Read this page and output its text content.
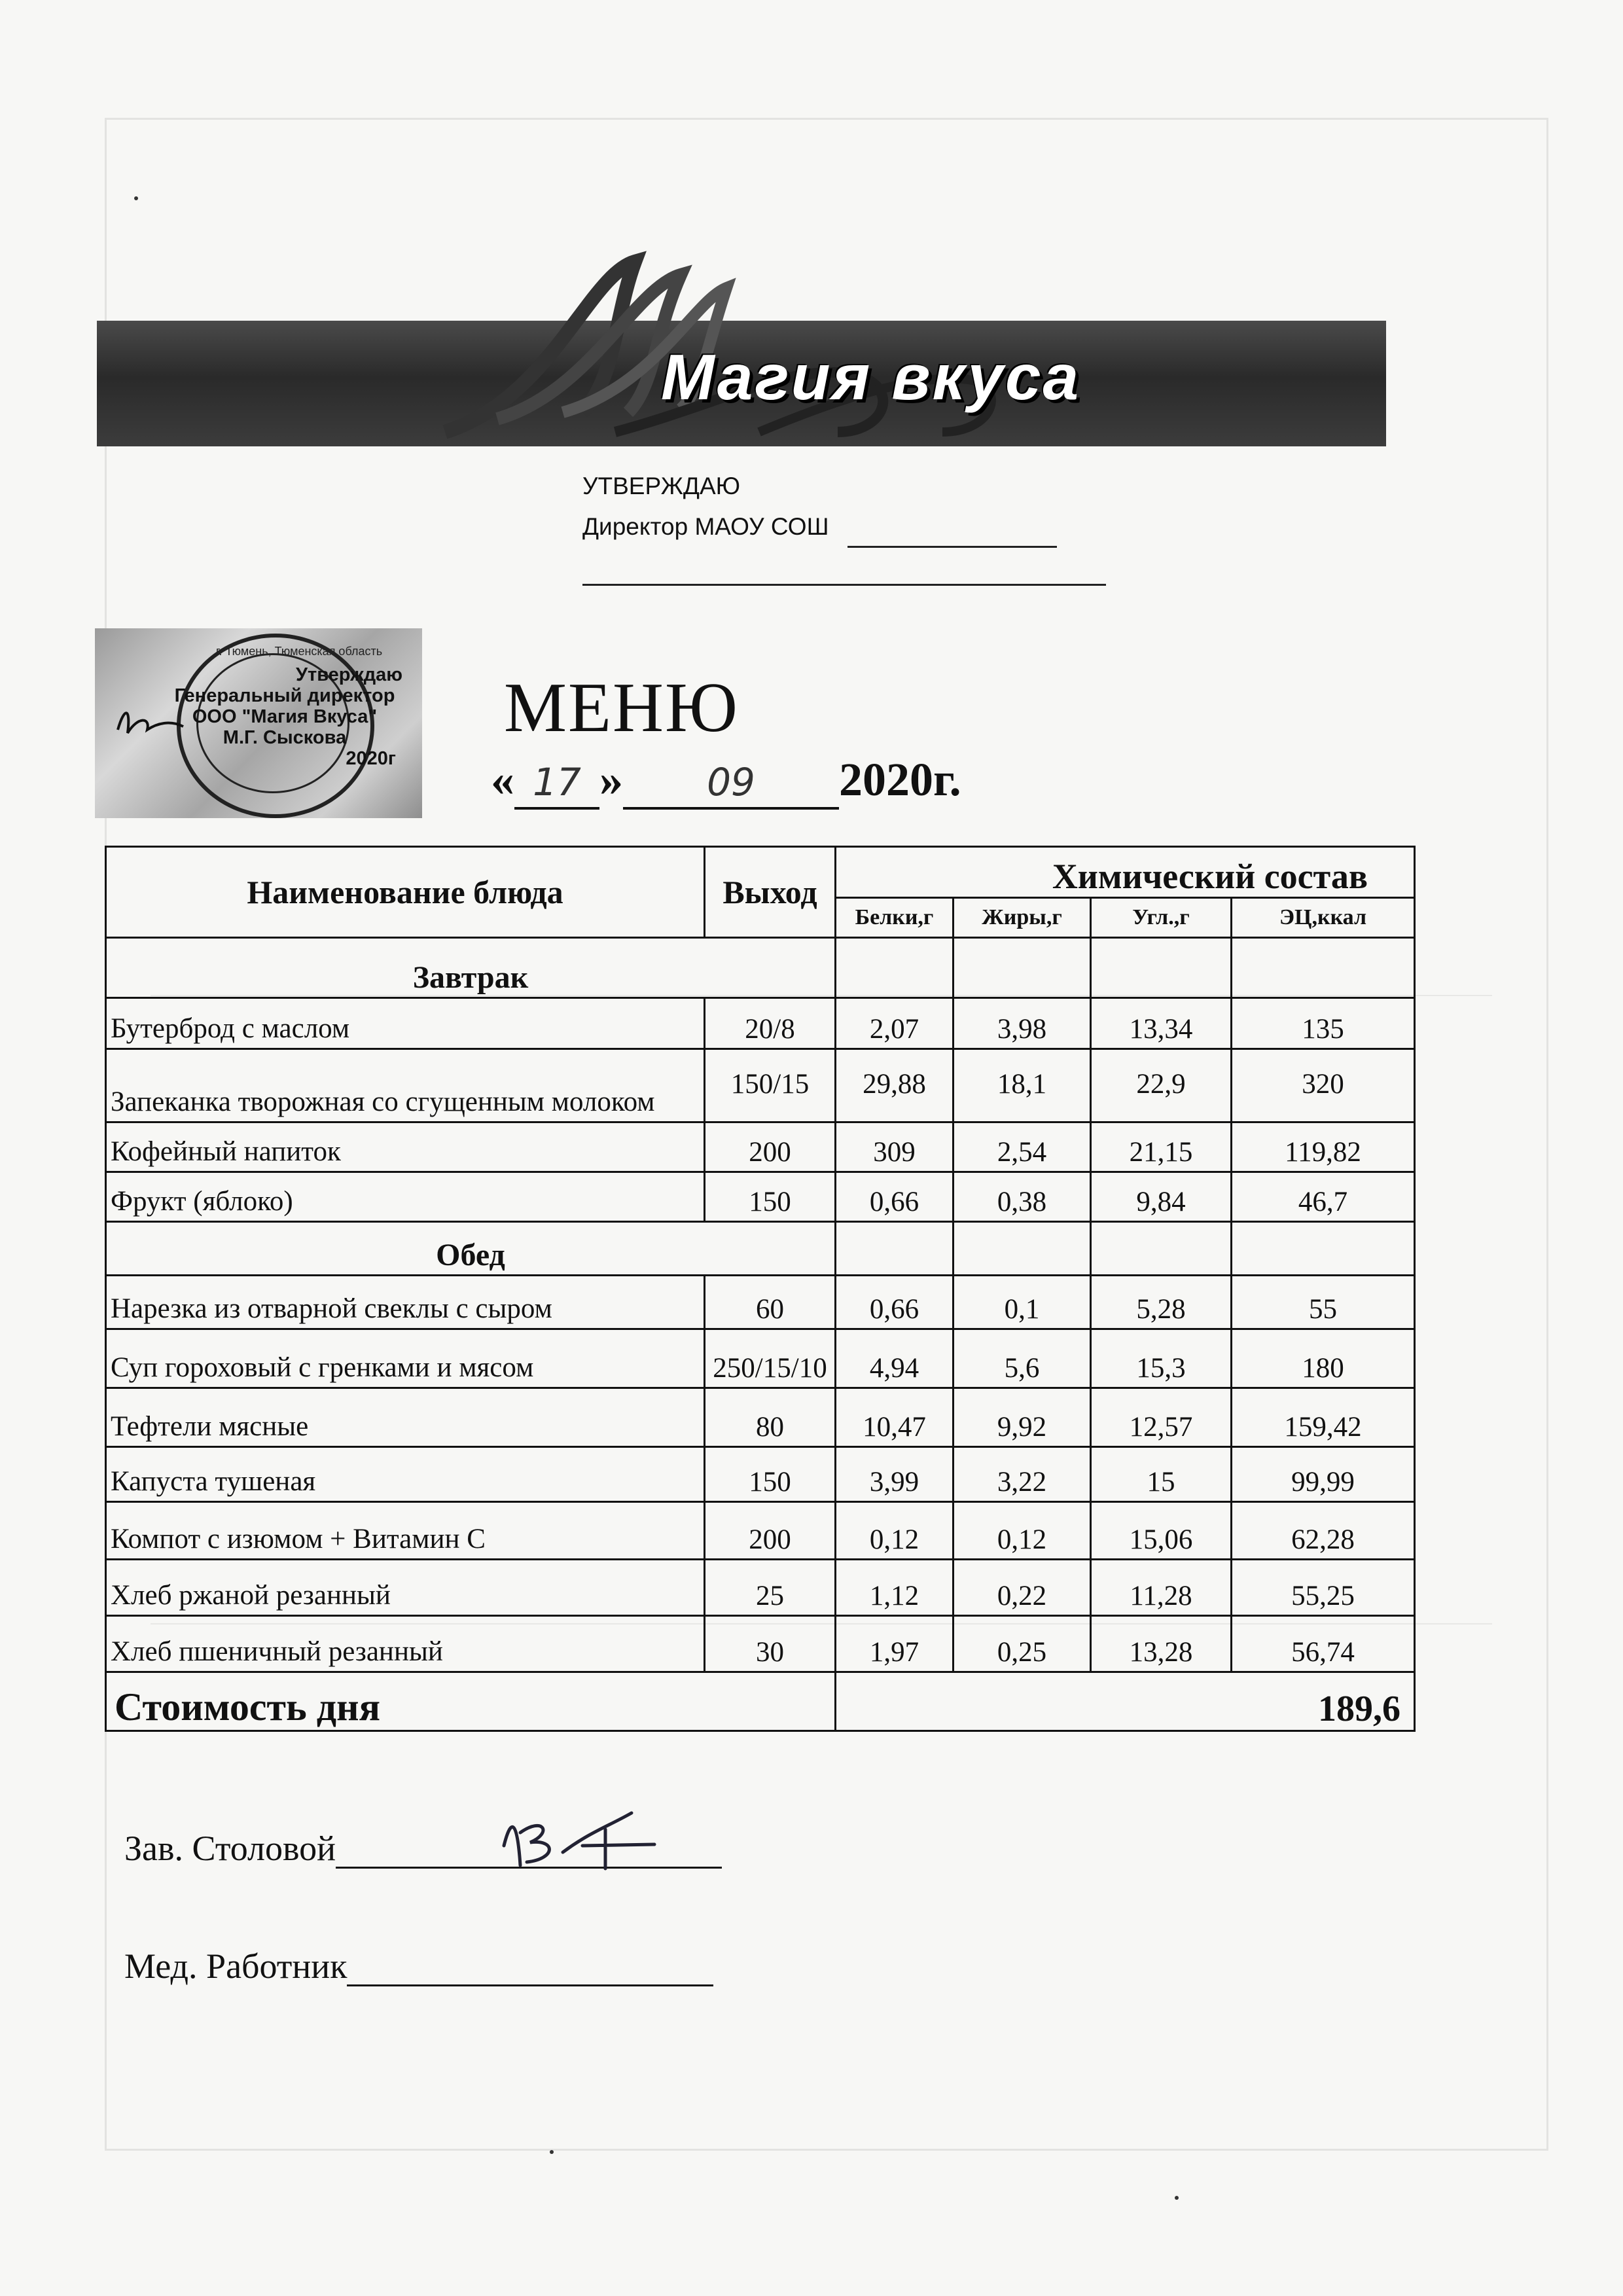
Магия вкуса
УТВЕРЖДАЮ
Директор МАОУ СОШ
г. Тюмень, Тюменская область
Утверждаю
Генеральный директор
ООО "Магия Вкуса"
М.Г. Сыскова
2020г
МЕНЮ
« 17 » 09 2020г.
Наименование блюда	Выход	Химический состав			
		Белки,г	Жиры,г	Угл.,г	ЭЦ,ккал
Завтрак					
Бутерброд с маслом	20/8	2,07	3,98	13,34	135
Запеканка творожная со сгущенным молоком	150/15	29,88	18,1	22,9	320
Кофейный напиток	200	309	2,54	21,15	119,82
Фрукт (яблоко)	150	0,66	0,38	9,84	46,7
Обед					
Нарезка из отварной свеклы с сыром	60	0,66	0,1	5,28	55
Суп гороховый с гренками и мясом	250/15/10	4,94	5,6	15,3	180
Тефтели мясные	80	10,47	9,92	12,57	159,42
Капуста тушеная	150	3,99	3,22	15	99,99
Компот с изюмом + Витамин С	200	0,12	0,12	15,06	62,28
Хлеб ржаной резанный	25	1,12	0,22	11,28	55,25
Хлеб пшеничный резанный	30	1,97	0,25	13,28	56,74
Стоимость дня		189,6			
Зав. Столовой
Мед. Работник
